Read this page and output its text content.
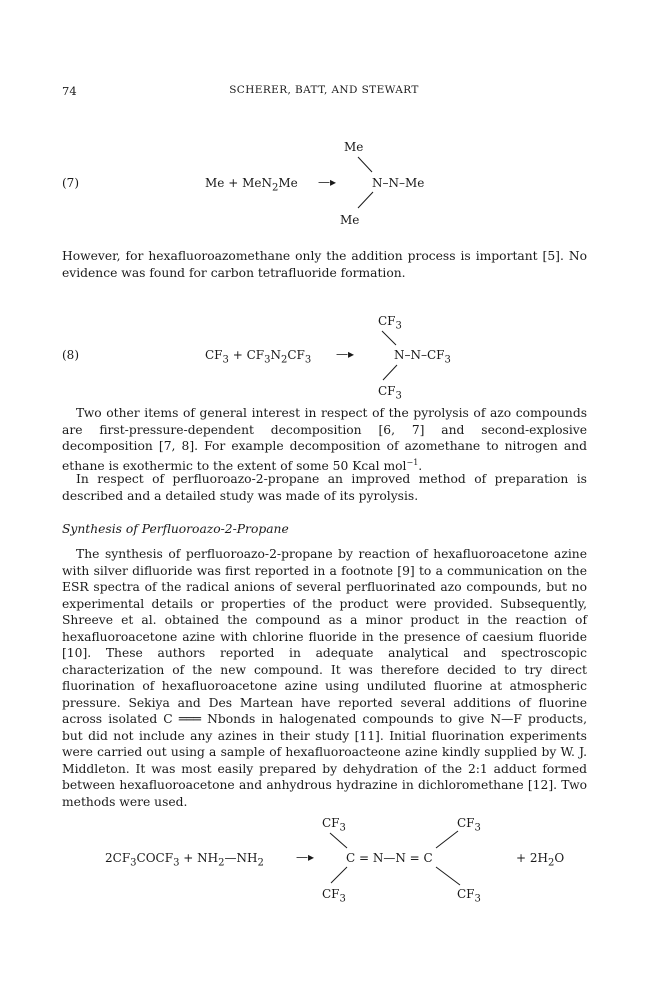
74	SCHERER, BATT, AND STEWART
(7)	Me + MeN$_2$Me —▸
Me
N–N–Me
Me

However, for hexafluoroazomethane only the addition process is important [5]. No evidence was found for carbon tetrafluoride formation.

(8)	$CF_3 + CF_3N_2CF_3$ —▸
$CF_3$
$N-N-CF_3$
$CF_3$

Two other items of general interest in respect of the pyrolysis of azo compounds are first-pressure-dependent decomposition [6, 7] and second-explosive decomposition [7, 8]. For example decomposition of azomethane to nitrogen and ethane is exothermic to the extent of some 50 Kcal mol$^{-1}$.

In respect of perfluoroazo-2-propane an improved method of preparation is described and a detailed study was made of its pyrolysis.

Synthesis of Perfluoroazo-2-Propane

The synthesis of perfluoroazo-2-propane by reaction of hexafluoroacetone azine with silver difluoride was first reported in a footnote [9] to a communication on the ESR spectra of the radical anions of several perfluorinated azo compounds, but no experimental details or properties of the product were provided. Subsequently, Shreeve et al. obtained the compound as a minor product in the reaction of hexafluoroacetone azine with chlorine fluoride in the presence of caesium fluoride [10]. These authors reported in adequate analytical and spectroscopic characterization of the new compound. It was therefore decided to try direct fluorination of hexafluoroacetone azine using undiluted fluorine at atmospheric pressure. Sekiya and Des Martean have reported several additions of fluorine across isolated C ═══ Nbonds in halogenated compounds to give N—F products, but did not include any azines in their study [11]. Initial fluorination experiments were carried out using a sample of hexafluoroacteone azine kindly supplied by W. J. Middleton. It was most easily prepared by dehydration of the 2:1 adduct formed between hexafluoroacetone and anhydrous hydrazine in dichloromethane [12]. Two methods were used.

$2CF_3COCF_3$ + $NH_2—NH_2$	—▸
$CF_3$	$CF_3$
C = N—N = C
$CF_3$	$CF_3$
+ $2H_2O$
